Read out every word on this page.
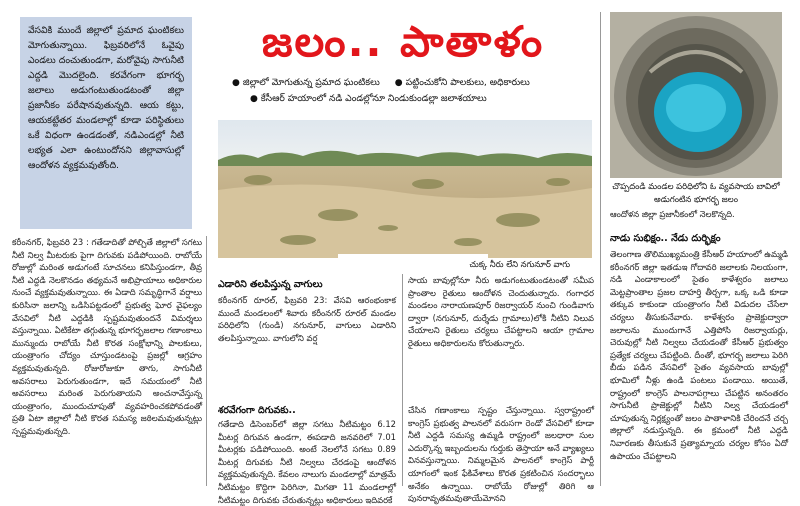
వేసవికి ముందే జిల్లాలో ప్రమాద ఘంటికలు మోగుతున్నాయి. ఫిబ్రవరిలోనే ఓవైపు ఎండలు దంచుతుండగా, మరోవైపు సాగునీటి ఎద్దడి మొదలైంది. కరవేగంగా భూగర్భ జలాలు అడుగంటుతుండటంతో జిల్లా ప్రజానీకం పరేషానవుతున్నది. ఆయ కట్టు, ఆయకట్టేతర మండలాల్లో కూడా పరిస్థితులు ఒకే విధంగా ఉండడంతో, నడిఎండల్లో నీటి లభ్యత ఎలా ఉంటుందోనని జిల్లావాసుల్లో ఆందోళన వ్యక్తమవుతోంది.
జలం.. పాతాళం
● జిల్లాలో మోగుతున్న ప్రమాద ఘంటికలు ● పట్టించుకోని పాలకులు, అధికారులు
● కేసీఆర్‌ హయాంలో నడి ఎండల్లోనూ నిండుకుండల్లా జలాశయాలు
చుక్క నీరు లేని నగునూర్‌ వాగు
చొప్పదండి మండల పరిధిలోని ఓ వ్యవసాయ బావిలో అడుగంటిన భూగర్భ జలం
కరీంనగర్‌, ఫిబ్రవరి 23 : గతేడాదితో పోల్చితే జిల్లాలో సగటు నీటి నిల్వ మీటరుకు పైగా దిగువకు పడిపోయింది. రాబోయే రోజుల్లో మరింత అడుగంటే సూచనలు కనిపిస్తుండగా, తీవ్ర నీటి ఎద్దడి నెలకొనడం తథ్యమనే అభిప్రాయాలు అధికారుల నుంచే వ్యక్తమవుతున్నాయి. ఈ ఏడాది సమృద్ధిగానే వర్షాలు కురిసినా జలాన్ని ఒడిసిపట్టడంలో ప్రభుత్వ ఘోర వైఫల్యం వేసవిలో నీటి ఎద్దడికి స్పష్టమవుతుందనే విమర్శలు వస్తున్నాయి. ఏటికేటా తగ్గుతున్న భూగర్భజలాల గణాంకాలు మున్ముందు రాబోయే నీటి కొరత సంక్షోభాన్ని పాలకులు, యంత్రాంగం చోద్యం చూస్తుండటంపై ప్రజల్లో ఆగ్రహం వ్యక్తమవుతున్నది. రోజురోజుకూ తాగు, సాగునీటి అవసరాలు పెరుగుతుండగా, ఇదే సమయంలో నీటి అవసరాలు మరింత పెరుగుతాయని అంచనావేస్తున్న యంత్రాంగం, ముందుచూపుతో వ్యవహరించకపోవడంతో ప్రతి ఏటా జిల్లాలో నీటి కొరత సమస్య జఠిలమవుతున్నట్లు స్పష్టమవుతున్నది.
ఎడారిని తలపిస్తున్న వాగులు
కరీంనగర్‌ రూరల్‌, ఫిబ్రవరి 23: వేసవి ఆరంభంకాక ముందే మండలంలో శివారు కరీంనగర్‌ రూరల్‌ మండల పరిధిలోని (గుండి) నగునూర్‌, వాగులు ఎడారిని తలపిస్తున్నాయి. వాగులోని వర్ష
శరవేగంగా దిగువకు..
గతేడాది డిసెంబర్‌లో జిల్లా సగటు నీటిమట్టం 6.12 మీటర్ల దిగువన ఉండగా, ఈపడాది జనవరిలో 7.01 మీటర్లకు పడిపోయింది. అంటే నెలలోనే సగటు 0.89 మీటర్ల దిగువకు నీటి నిల్వలు చేరడంపై ఆందోళన వ్యక్తమవుతున్నది. కేవలం నాలుగు మండలాల్లో మాత్రమే నీటిమట్టం కొద్దిగా పెరిగినా, మిగతా 11 మండలాల్లో నీటిమట్టం దిగువకు చేరుతున్నట్లు అధికారులు ఇదివరకే
సాయ బావుల్లోనూ నీరు అడుగంటుతుండటంతో సమీప ప్రాంతాల రైతులు ఆందోళన చెందుతున్నారు. గంగాధర మండలం నారాయణపూర్‌ రిజర్వాయర్‌ నుంచి గుండివాగు ద్వారా (నగునూర్‌, దుర్శేడు గ్రామాలు)లోకి నీటిని నిలువ చేయాలని రైతులు చర్యలు చేపట్టాలని ఆయా గ్రామాల రైతులు అధికారులను కోరుతున్నారు.
చేసిన గణాంకాలు స్పష్టం చేస్తున్నాయి. స్వరాష్ట్రంలో కాంగ్రెస్‌ ప్రభుత్వ పాలనలో వరుసగా రెండో వేసవిలో కూడా నీటి ఎద్దడి సమస్య ఉమ్మడి రాష్ట్రంలో జలధారా సుల ఎదుర్కొన్న ఇబ్బందులను గుర్తుకు తెస్తాయా అనే వ్యాఖ్యలు వినవస్తున్నాయి. నిమ్మలమైన పాలనలో కాంగ్రెస్‌ పార్టీ యాగంలో ఇంక ఫేకివేశాలు కొరత ప్రకటించిన సందర్భాలు అనేకం ఉన్నాయి. రాబోయే రోజుల్లో తిరిగి ఆ పునరావృతమవుతాయేమోనని
ఆందోళన జిల్లా ప్రజానీకంలో నెలకొన్నది.
నాడు సుభిక్షం.. నేడు దుర్భిక్షం
తెలంగాణ తొలిముఖ్యమంత్రి కేసీఆర్‌ హయాంలో ఉమ్మడి కరీంనగర్‌ జిల్లా ఇతడుఇ గోదావరి జలాలకు నిలయంగా, నడి ఎండాకాలంలో సైతం కాళేశ్వరం జలాలు మెట్టప్రాంతాల ప్రజల దాహర్తి తీర్చగా, ఒక్క ఒడి కూడా తక్కువ కాకుండా యంత్రాంగం నీటి విడుదల చేసేలా చర్యలు తీసుకునేవారు. కాళేశ్వరం ప్రాజెక్టుద్వారా జలాలను ముందుగానే ఎత్తిపోసి రిజర్వాయర్లు, చెరువుల్లో నీటి నిల్వలు చేయడంతో కేసీఆర్‌ ప్రభుత్వం ప్రత్యేక చర్యలు చేపట్టింది. దీంతో, భూగర్భ జలాలు పెరిగి బీడు పడిన వేసవిలో సైతం వ్యవసాయ బావుల్లో భూమిలో నీళ్లు ఉండి పంటలు పండాయి. అయితే, రాష్ట్రంలో కాంగ్రెస్‌ పాలనాపగ్గాలు చేపట్టిన అనంతరం సాగునీటి ప్రాజెక్టుల్లో నీటిని నిల్వ చేయడంలో చూపుతున్న నిర్లక్ష్యంతో జలం పాతాళానికి చేరిందనే చర్చ జిల్లాలో నడుస్తున్నది. ఈ క్రమంలో నీటి ఎద్దడి నివారణకు తీసుకునే ప్రత్యామ్నాయ చర్యల కోసం ఏదో ఉపాయం చేపట్టాలని
